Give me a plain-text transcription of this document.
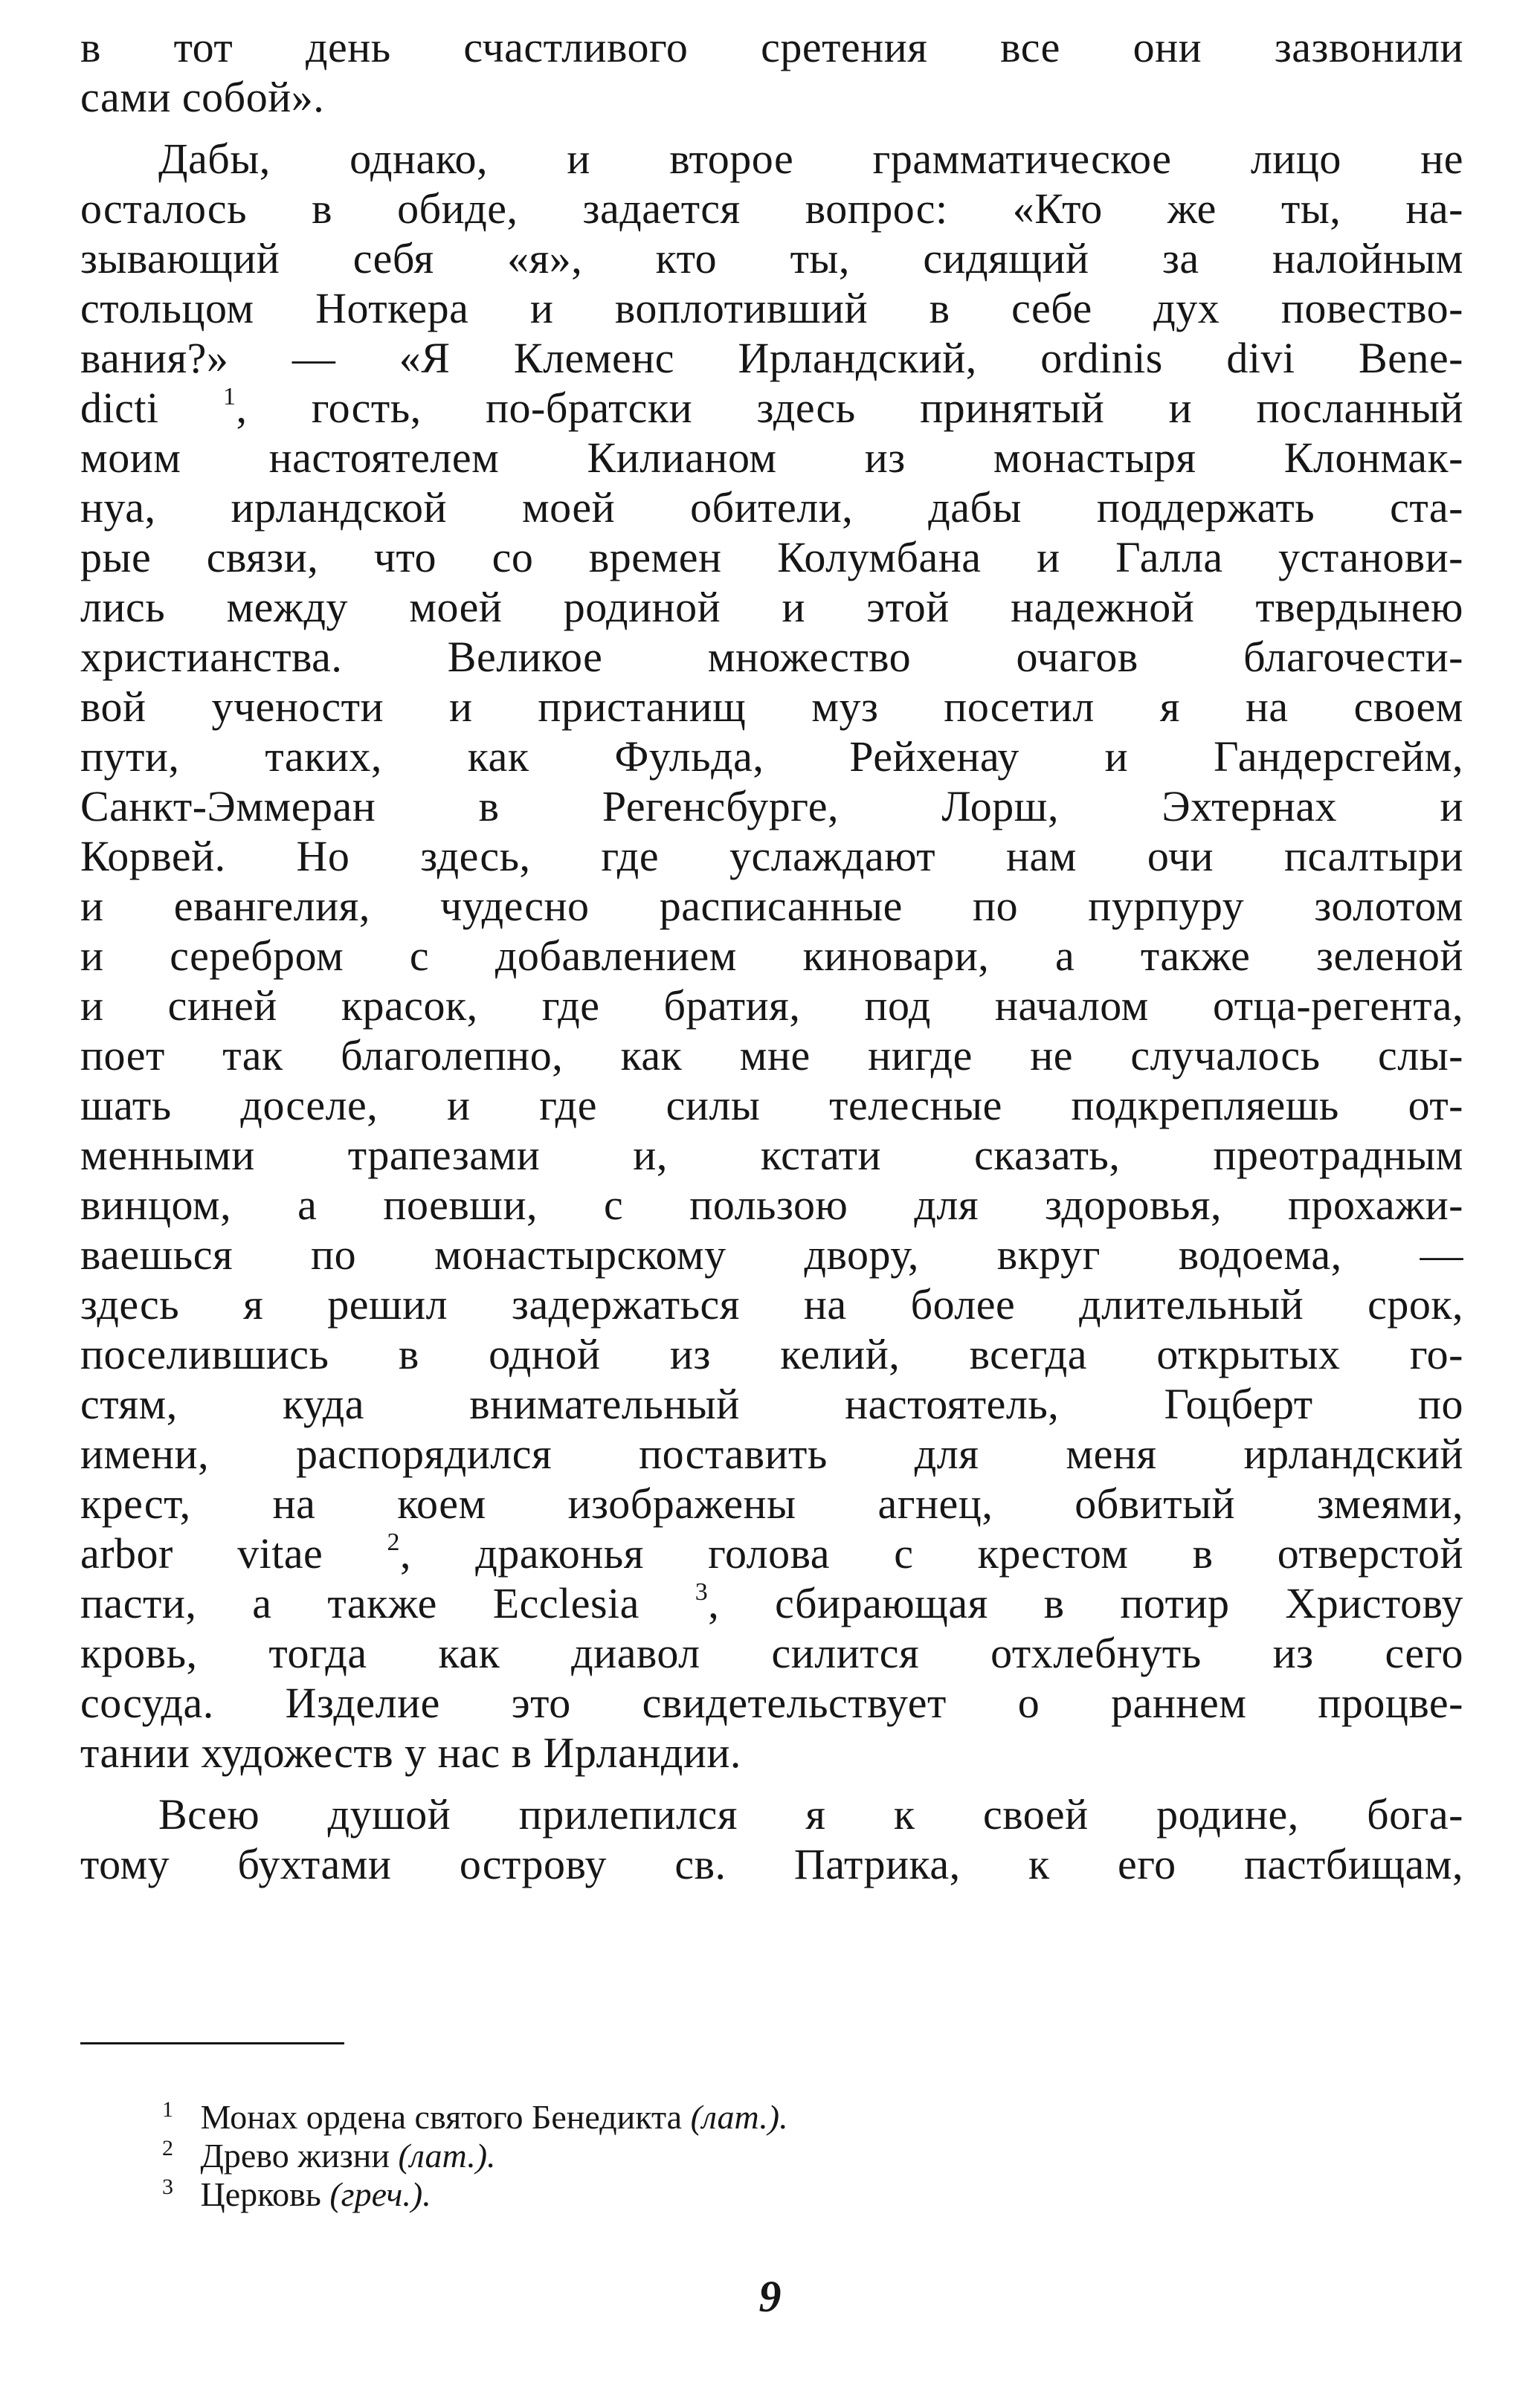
в тот день счастливого сретения все они зазвонили
сами собой».
Дабы, однако, и второе грамматическое лицо не
осталось в обиде, задается вопрос: «Кто же ты, на-
зывающий себя «я», кто ты, сидящий за налойным
стольцом Ноткера и воплотивший в себе дух повество-
вания?» — «Я Клеменс Ирландский, ordinis divi Bene-
dicti $^1$, гость, по-братски здесь принятый и посланный
моим настоятелем Килианом из монастыря Клонмак-
нуа, ирландской моей обители, дабы поддержать ста-
рые связи, что со времен Колумбана и Галла установи-
лись между моей родиной и этой надежной твердынею
христианства. Великое множество очагов благочести-
вой учености и пристанищ муз посетил я на своем
пути, таких, как Фульда, Рейхенау и Гандерсгейм,
Санкт-Эммеран в Регенсбурге, Лорш, Эхтернах и
Корвей. Но здесь, где услаждают нам очи псалтыри
и евангелия, чудесно расписанные по пурпуру золотом
и серебром с добавлением киновари, а также зеленой
и синей красок, где братия, под началом отца-регента,
поет так благолепно, как мне нигде не случалось слы-
шать доселе, и где силы телесные подкрепляешь от-
менными трапезами и, кстати сказать, преотрадным
винцом, а поевши, с пользою для здоровья, прохажи-
ваешься по монастырскому двору, вкруг водоема, —
здесь я решил задержаться на более длительный срок,
поселившись в одной из келий, всегда открытых го-
стям, куда внимательный настоятель, Гоцберт по
имени, распорядился поставить для меня ирландский
крест, на коем изображены агнец, обвитый змеями,
arbor vitae $^2$, драконья голова с крестом в отверстой
пасти, а также Ecclesia $^3$, сбирающая в потир Христову
кровь, тогда как диавол силится отхлебнуть из сего
сосуда. Изделие это свидетельствует о раннем процве-
тании художеств у нас в Ирландии.
Всею душой прилепился я к своей родине, бога-
тому бухтами острову св. Патрика, к его пастбищам,
1 Монах ордена святого Бенедикта (лат.).
2 Древо жизни (лат.).
3 Церковь (греч.).
9
